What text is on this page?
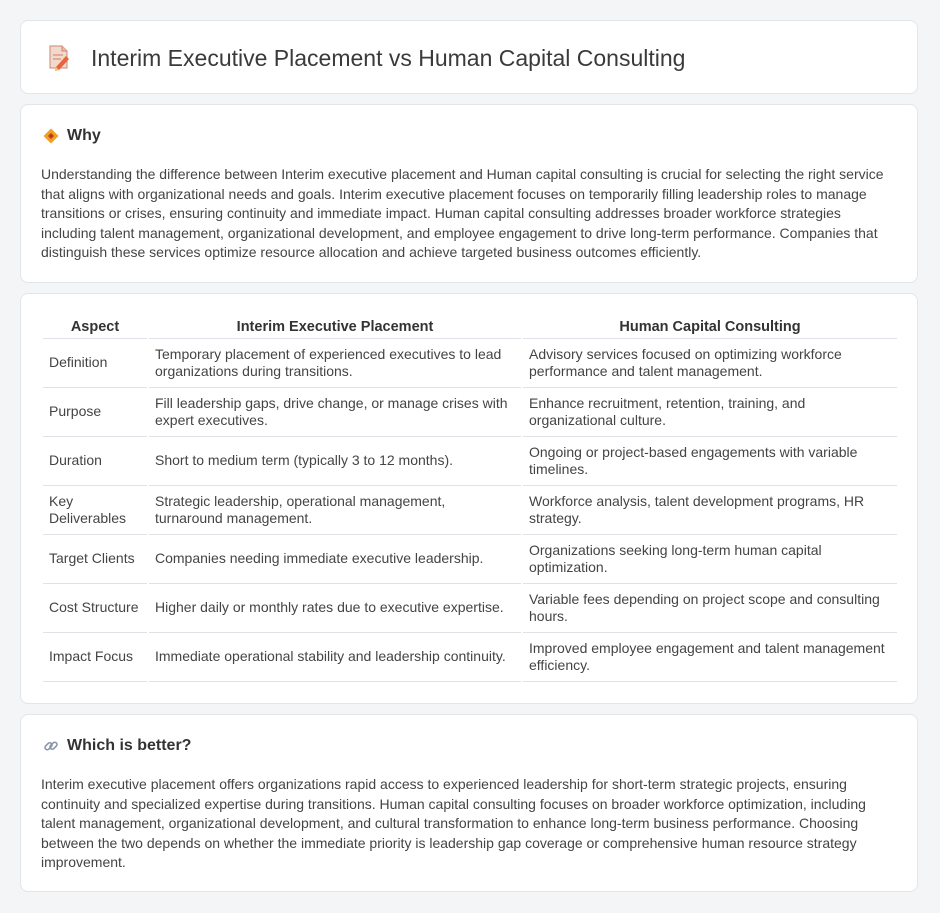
Interim Executive Placement vs Human Capital Consulting
Why

Understanding the difference between Interim executive placement and Human capital consulting is crucial for selecting the right service that aligns with organizational needs and goals. Interim executive placement focuses on temporarily filling leadership roles to manage transitions or crises, ensuring continuity and immediate impact. Human capital consulting addresses broader workforce strategies including talent management, organizational development, and employee engagement to drive long-term performance. Companies that distinguish these services optimize resource allocation and achieve targeted business outcomes efficiently.

Aspect	Interim Executive Placement	Human Capital Consulting
Definition	Temporary placement of experienced executives to lead organizations during transitions.	Advisory services focused on optimizing workforce performance and talent management.
Purpose	Fill leadership gaps, drive change, or manage crises with expert executives.	Enhance recruitment, retention, training, and organizational culture.
Duration	Short to medium term (typically 3 to 12 months).	Ongoing or project-based engagements with variable timelines.
Key Deliverables	Strategic leadership, operational management, turnaround management.	Workforce analysis, talent development programs, HR strategy.
Target Clients	Companies needing immediate executive leadership.	Organizations seeking long-term human capital optimization.
Cost Structure	Higher daily or monthly rates due to executive expertise.	Variable fees depending on project scope and consulting hours.
Impact Focus	Immediate operational stability and leadership continuity.	Improved employee engagement and talent management efficiency.
Which is better?

Interim executive placement offers organizations rapid access to experienced leadership for short-term strategic projects, ensuring continuity and specialized expertise during transitions. Human capital consulting focuses on broader workforce optimization, including talent management, organizational development, and cultural transformation to enhance long-term business performance. Choosing between the two depends on whether the immediate priority is leadership gap coverage or comprehensive human resource strategy improvement.
